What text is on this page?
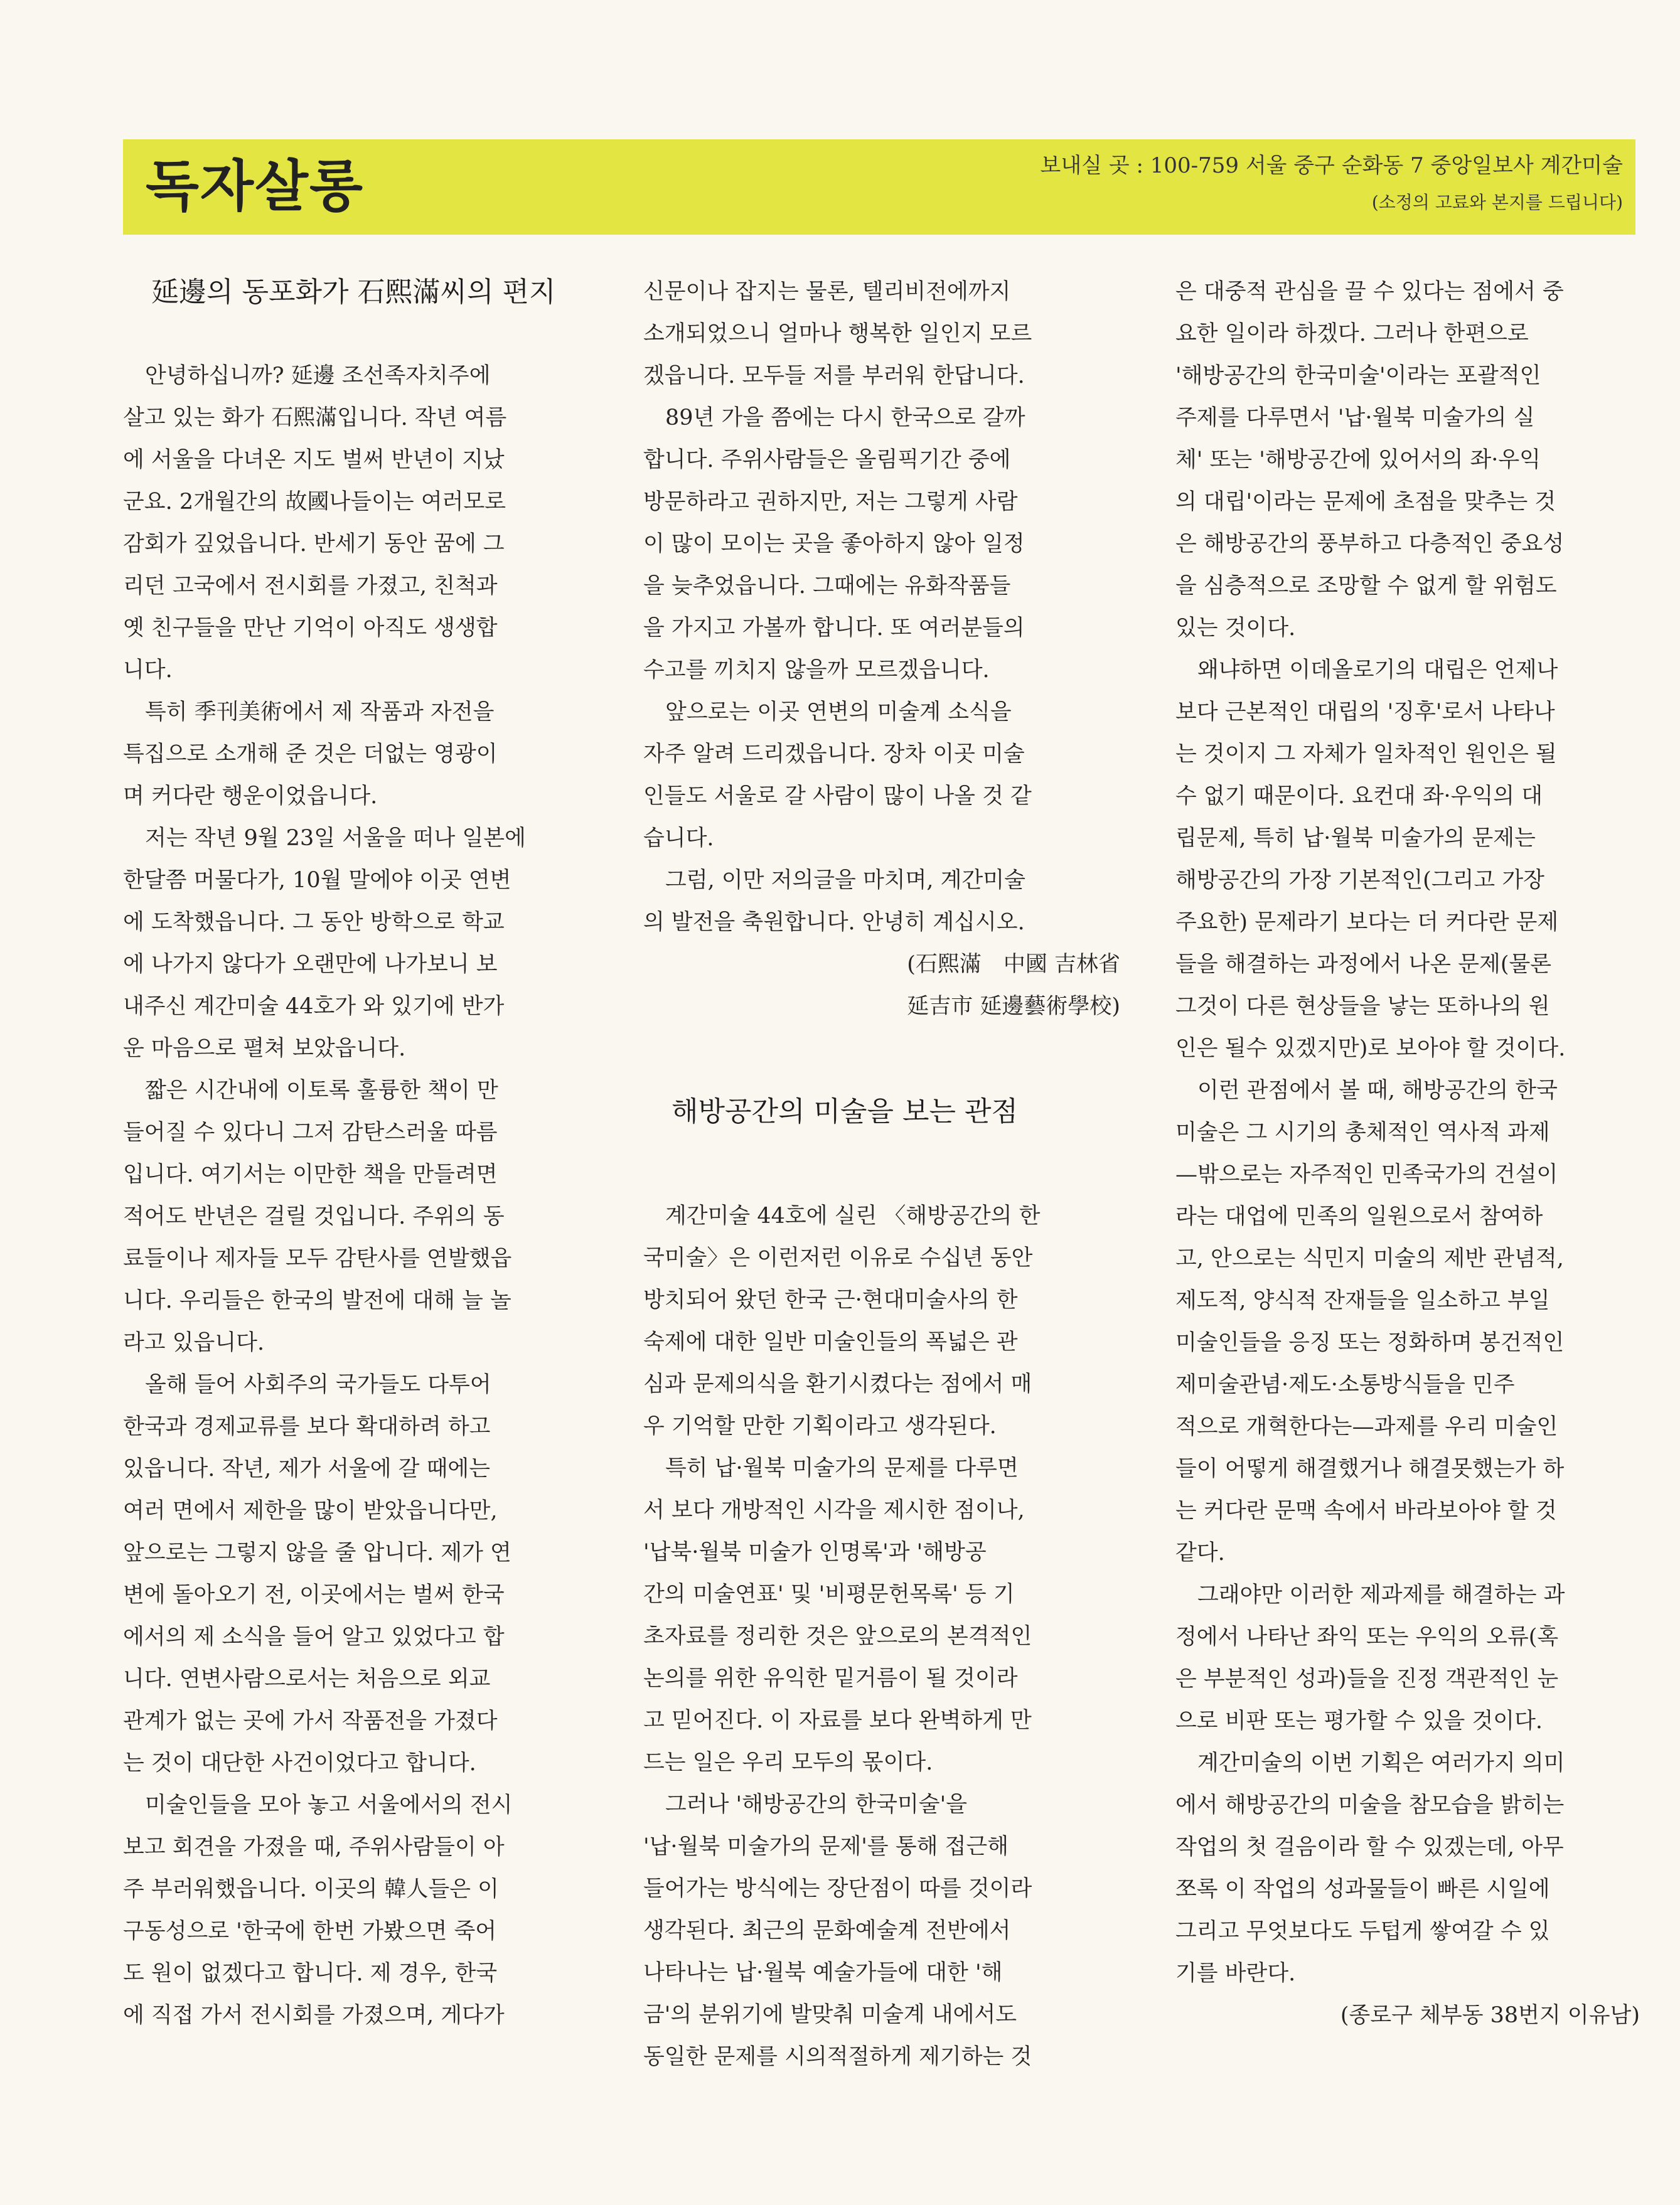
독자살롱	보내실 곳 : 100-759 서울 중구 순화동 7 중앙일보사 계간미술
(소정의 고료와 본지를 드립니다)
延邊의 동포화가 石熙滿씨의 편지
안녕하십니까? 延邊 조선족자치주에
살고 있는 화가 石熙滿입니다. 작년 여름
에 서울을 다녀온 지도 벌써 반년이 지났
군요. 2개월간의 故國나들이는 여러모로
감회가 깊었읍니다. 반세기 동안 꿈에 그
리던 고국에서 전시회를 가졌고, 친척과
옛 친구들을 만난 기억이 아직도 생생합
니다.
특히 季刊美術에서 제 작품과 자전을
특집으로 소개해 준 것은 더없는 영광이
며 커다란 행운이었읍니다.
저는 작년 9월 23일 서울을 떠나 일본에
한달쯤 머물다가, 10월 말에야 이곳 연변
에 도착했읍니다. 그 동안 방학으로 학교
에 나가지 않다가 오랜만에 나가보니 보
내주신 계간미술 44호가 와 있기에 반가
운 마음으로 펼쳐 보았읍니다.
짧은 시간내에 이토록 훌륭한 책이 만
들어질 수 있다니 그저 감탄스러울 따름
입니다. 여기서는 이만한 책을 만들려면
적어도 반년은 걸릴 것입니다. 주위의 동
료들이나 제자들 모두 감탄사를 연발했읍
니다. 우리들은 한국의 발전에 대해 늘 놀
라고 있읍니다.
올해 들어 사회주의 국가들도 다투어
한국과 경제교류를 보다 확대하려 하고
있읍니다. 작년, 제가 서울에 갈 때에는
여러 면에서 제한을 많이 받았읍니다만,
앞으로는 그렇지 않을 줄 압니다. 제가 연
변에 돌아오기 전, 이곳에서는 벌써 한국
에서의 제 소식을 들어 알고 있었다고 합
니다. 연변사람으로서는 처음으로 외교
관계가 없는 곳에 가서 작품전을 가졌다
는 것이 대단한 사건이었다고 합니다.
미술인들을 모아 놓고 서울에서의 전시
보고 회견을 가졌을 때, 주위사람들이 아
주 부러워했읍니다. 이곳의 韓人들은 이
구동성으로 '한국에 한번 가봤으면 죽어
도 원이 없겠다고 합니다. 제 경우, 한국
에 직접 가서 전시회를 가졌으며, 게다가
신문이나 잡지는 물론, 텔리비전에까지
소개되었으니 얼마나 행복한 일인지 모르
겠읍니다. 모두들 저를 부러워 한답니다.
89년 가을 쯤에는 다시 한국으로 갈까
합니다. 주위사람들은 올림픽기간 중에
방문하라고 권하지만, 저는 그렇게 사람
이 많이 모이는 곳을 좋아하지 않아 일정
을 늦추었읍니다. 그때에는 유화작품들
을 가지고 가볼까 합니다. 또 여러분들의
수고를 끼치지 않을까 모르겠읍니다.
앞으로는 이곳 연변의 미술계 소식을
자주 알려 드리겠읍니다. 장차 이곳 미술
인들도 서울로 갈 사람이 많이 나올 것 같
습니다.
그럼, 이만 저의글을 마치며, 계간미술
의 발전을 축원합니다. 안녕히 계십시오.
(石熙滿　中國 吉林省
延吉市 延邊藝術學校)
해방공간의 미술을 보는 관점
계간미술 44호에 실린 〈해방공간의 한
국미술〉은 이런저런 이유로 수십년 동안
방치되어 왔던 한국 근·현대미술사의 한
숙제에 대한 일반 미술인들의 폭넓은 관
심과 문제의식을 환기시켰다는 점에서 매
우 기억할 만한 기획이라고 생각된다.
특히 납·월북 미술가의 문제를 다루면
서 보다 개방적인 시각을 제시한 점이나,
'납북·월북 미술가 인명록'과 '해방공
간의 미술연표' 및 '비평문헌목록' 등 기
초자료를 정리한 것은 앞으로의 본격적인
논의를 위한 유익한 밑거름이 될 것이라
고 믿어진다. 이 자료를 보다 완벽하게 만
드는 일은 우리 모두의 몫이다.
그러나 '해방공간의 한국미술'을
'납·월북 미술가의 문제'를 통해 접근해
들어가는 방식에는 장단점이 따를 것이라
생각된다. 최근의 문화예술계 전반에서
나타나는 납·월북 예술가들에 대한 '해
금'의 분위기에 발맞춰 미술계 내에서도
동일한 문제를 시의적절하게 제기하는 것
은 대중적 관심을 끌 수 있다는 점에서 중
요한 일이라 하겠다. 그러나 한편으로
'해방공간의 한국미술'이라는 포괄적인
주제를 다루면서 '납·월북 미술가의 실
체' 또는 '해방공간에 있어서의 좌·우익
의 대립'이라는 문제에 초점을 맞추는 것
은 해방공간의 풍부하고 다층적인 중요성
을 심층적으로 조망할 수 없게 할 위험도
있는 것이다.
왜냐하면 이데올로기의 대립은 언제나
보다 근본적인 대립의 '징후'로서 나타나
는 것이지 그 자체가 일차적인 원인은 될
수 없기 때문이다. 요컨대 좌·우익의 대
립문제, 특히 납·월북 미술가의 문제는
해방공간의 가장 기본적인(그리고 가장
주요한) 문제라기 보다는 더 커다란 문제
들을 해결하는 과정에서 나온 문제(물론
그것이 다른 현상들을 낳는 또하나의 원
인은 될수 있겠지만)로 보아야 할 것이다.
이런 관점에서 볼 때, 해방공간의 한국
미술은 그 시기의 총체적인 역사적 과제
—밖으로는 자주적인 민족국가의 건설이
라는 대업에 민족의 일원으로서 참여하
고, 안으로는 식민지 미술의 제반 관념적,
제도적, 양식적 잔재들을 일소하고 부일
미술인들을 응징 또는 정화하며 봉건적인
제미술관념·제도·소통방식들을 민주
적으로 개혁한다는—과제를 우리 미술인
들이 어떻게 해결했거나 해결못했는가 하
는 커다란 문맥 속에서 바라보아야 할 것
같다.
그래야만 이러한 제과제를 해결하는 과
정에서 나타난 좌익 또는 우익의 오류(혹
은 부분적인 성과)들을 진정 객관적인 눈
으로 비판 또는 평가할 수 있을 것이다.
계간미술의 이번 기획은 여러가지 의미
에서 해방공간의 미술을 참모습을 밝히는
작업의 첫 걸음이라 할 수 있겠는데, 아무
쪼록 이 작업의 성과물들이 빠른 시일에
그리고 무엇보다도 두텁게 쌓여갈 수 있
기를 바란다.
(종로구 체부동 38번지 이유남)
